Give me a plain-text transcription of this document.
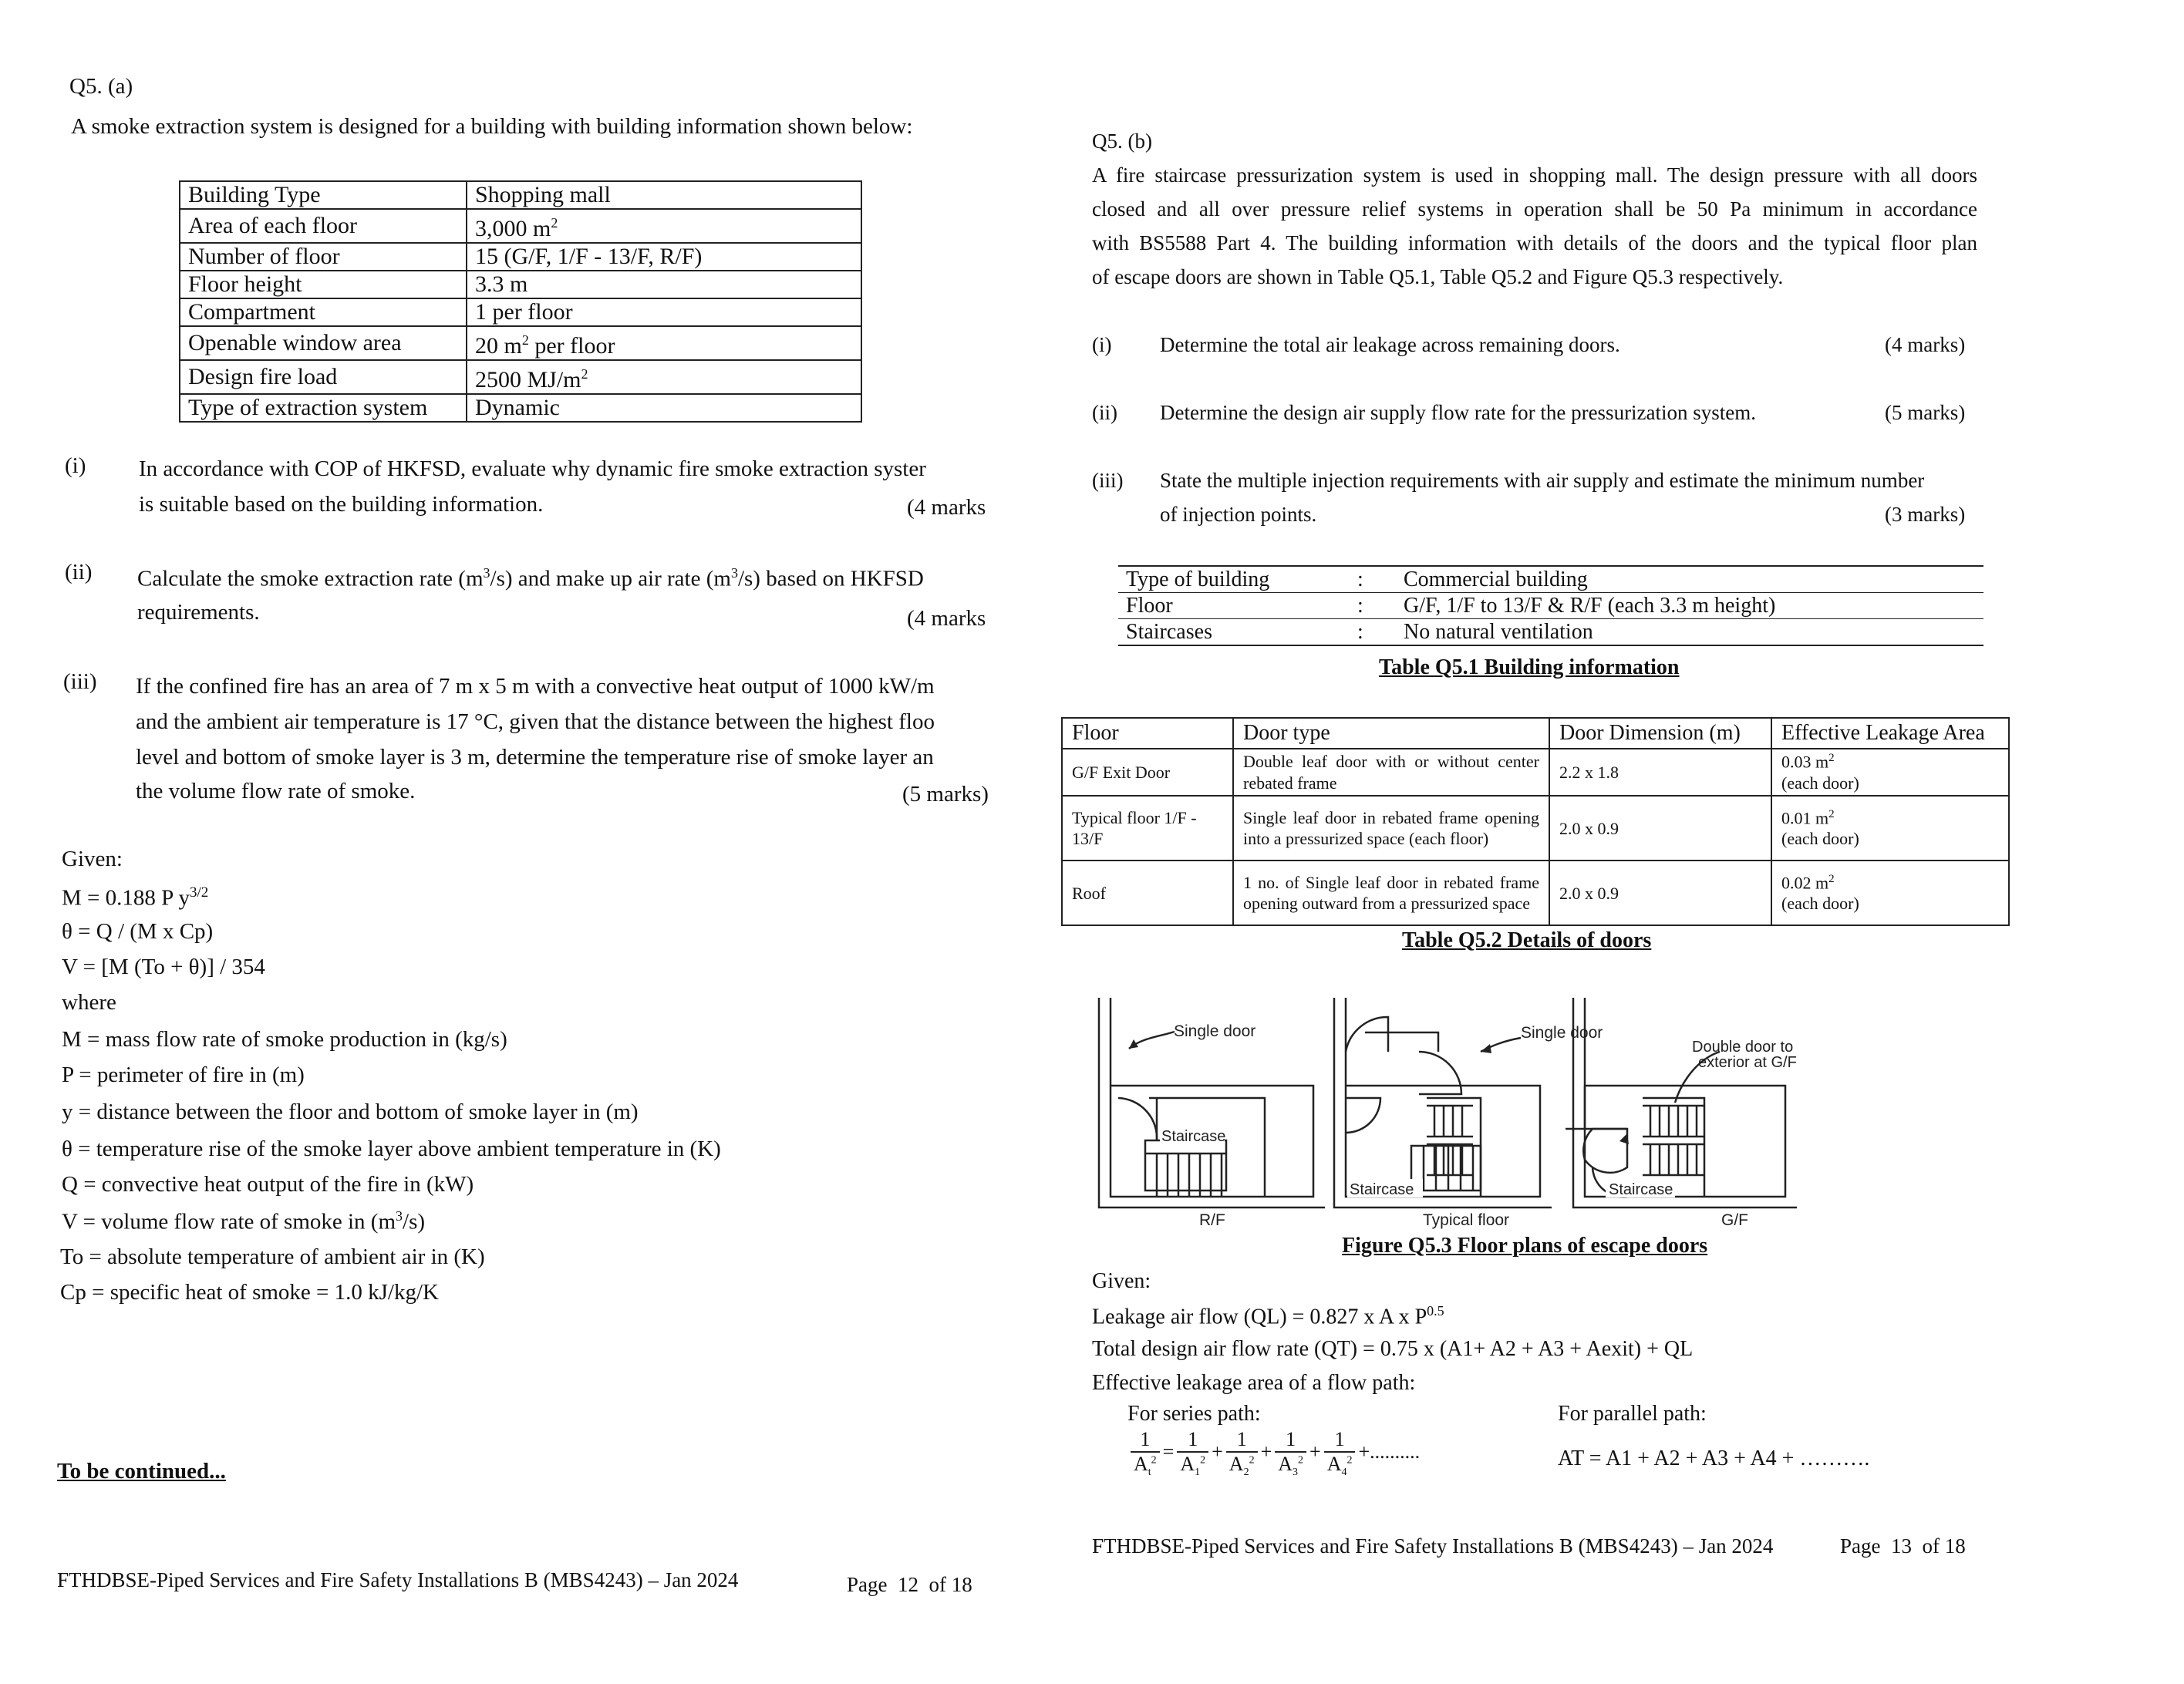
Q5. (a)
A smoke extraction system is designed for a building with building information shown below:
Building Type	Shopping mall
Area of each floor	3,000 $m^2$
Number of floor	15 (G/F, 1/F - 13/F, R/F)
Floor height	3.3 m
Compartment	1 per floor
Openable window area	20 $m^2$ per floor
Design fire load	2500 $MJ/m^2$
Type of extraction system	Dynamic
(i) In accordance with COP of HKFSD, evaluate why dynamic fire smoke extraction syster
is suitable based on the building information.	(4 marks
(ii) Calculate the smoke extraction rate $(m^3/s)$ and make up air rate $(m^3/s)$ based on HKFSD
requirements.	(4 marks
(iii) If the confined fire has an area of 7 m x 5 m with a convective heat output of 1000 kW/m
and the ambient air temperature is 17 °C, given that the distance between the highest floo
level and bottom of smoke layer is 3 m, determine the temperature rise of smoke layer an
the volume flow rate of smoke.	(5 marks)
Given:
M = 0.188 P $y^{3/2}$
θ = Q / (M x Cp)
V = [M (To + θ)] / 354
where
M = mass flow rate of smoke production in (kg/s)
P = perimeter of fire in (m)
y = distance between the floor and bottom of smoke layer in (m)
θ = temperature rise of the smoke layer above ambient temperature in (K)
Q = convective heat output of the fire in (kW)
V = volume flow rate of smoke in $(m^3/s)$
To = absolute temperature of ambient air in (K)
Cp = specific heat of smoke = 1.0 kJ/kg/K
To be continued...
FTHDBSE-Piped Services and Fire Safety Installations B (MBS4243) – Jan 2024	Page  12  of 18
Q5. (b)
A fire staircase pressurization system is used in shopping mall. The design pressure with all doors
closed and all over pressure relief systems in operation shall be 50 Pa minimum in accordance
with BS5588 Part 4. The building information with details of the doors and the typical floor plan
of escape doors are shown in Table Q5.1, Table Q5.2 and Figure Q5.3 respectively.
(i) Determine the total air leakage across remaining doors.	(4 marks)
(ii) Determine the design air supply flow rate for the pressurization system.	(5 marks)
(iii) State the multiple injection requirements with air supply and estimate the minimum number
of injection points.	(3 marks)
Type of building	:	Commercial building
Floor	:	G/F, 1/F to 13/F & R/F (each 3.3 m height)
Staircases	:	No natural ventilation
Table Q5.1 Building information
Floor	Door type	Door Dimension (m)	Effective Leakage Area
G/F Exit Door	Double leaf door with or without center rebated frame	2.2 x 1.8	0.03 $m^2$
(each door)
Typical floor 1/F - 13/F	Single leaf door in rebated frame opening into a pressurized space (each floor)	2.0 x 0.9	0.01 $m^2$
(each door)
Roof	1 no. of Single leaf door in rebated frame opening outward from a pressurized space	2.0 x 0.9	0.02 $m^2$
(each door)
Table Q5.2 Details of doors
Single door
Staircase
R/F
Staircase
Single door
Typical floor
Double door to
exterior at G/F
Staircase
G/F
Figure Q5.3 Floor plans of escape doors
Given:
Leakage air flow (QL) = 0.827 x A x $P^{0.5}$
Total design air flow rate (QT) = 0.75 x (A1+ A2 + A3 + Aexit) + QL
Effective leakage area of a flow path:
For series path:	For parallel path:
$\frac{1}{A_t^2} = \frac{1}{A_1^2} + \frac{1}{A_2^2} + \frac{1}{A_3^2} + \frac{1}{A_4^2}$ +..........	AT = A1 + A2 + A3 + A4 + ……….
FTHDBSE-Piped Services and Fire Safety Installations B (MBS4243) – Jan 2024	Page  13  of 18
